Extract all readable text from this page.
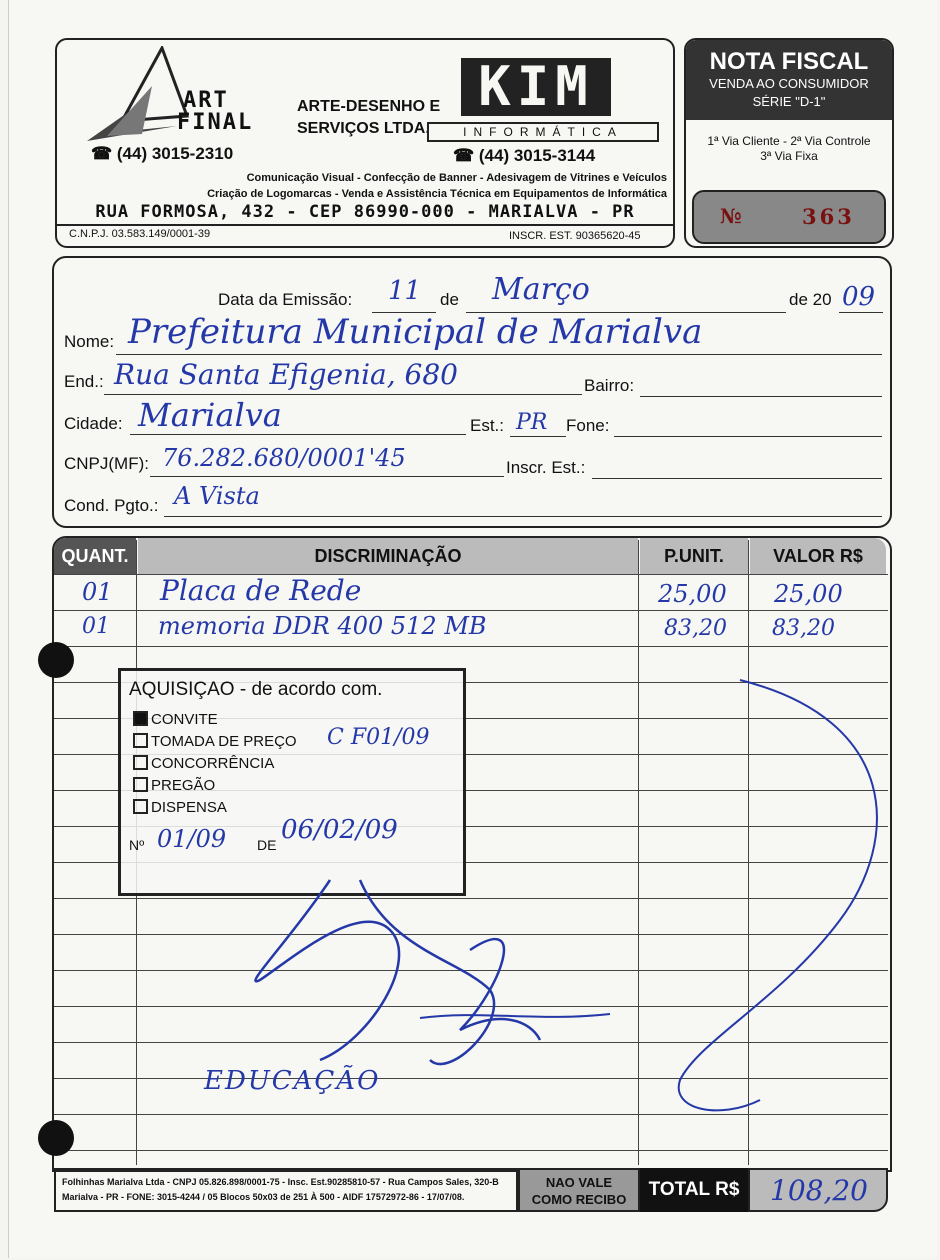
ART
FINAL
ARTE-DESENHO E
SERVIÇOS LTDA.
☎ (44) 3015-2310
KIM
INFORMÁTICA
☎ (44) 3015-3144
Comunicação Visual - Confecção de Banner - Adesivagem de Vitrines e Veículos
Criação de Logomarcas - Venda e Assistência Técnica em Equipamentos de Informática
RUA FORMOSA, 432 - CEP 86990-000 - MARIALVA - PR
C.N.P.J. 03.583.149/0001-39	INSCR. EST. 90365620-45
NOTA FISCAL
VENDA AO CONSUMIDOR
SÉRIE "D-1"
1ª Via Cliente - 2ª Via Controle
3ª Via Fixa
№	363
Data da Emissão: 11 de Março	de 20 09
Nome: Prefeitura Municipal de Marialva
End.: Rua Santa Efigenia, 680	Bairro:
Cidade: Marialva	Est.: PR Fone:
CNPJ(MF): 76.282.680/0001'45	Inscr. Est.:
Cond. Pgto.: A Vista
QUANT.	DISCRIMINAÇÃO	P.UNIT.	VALOR R$
01 Placa de Rede	25,00 25,00
01 memoria DDR 400 512 MB	83,20 83,20
AQUISIÇAO - de acordo com.
CONVITE
TOMADA DE PREÇO
CONCORRÊNCIA
PREGÃO
DISPENSA
C F01/09
Nº 01/09 DE 06/02/09
EDUCAÇÃO
Folhinhas Marialva Ltda - CNPJ 05.826.898/0001-75 - Insc. Est.90285810-57 - Rua Campos Sales, 320-B
Marialva - PR - FONE: 3015-4244 / 05 Blocos 50x03 de 251 À 500 - AIDF 17572972-86 - 17/07/08.
NAO VALE
COMO RECIBO	TOTAL R$	108,20
